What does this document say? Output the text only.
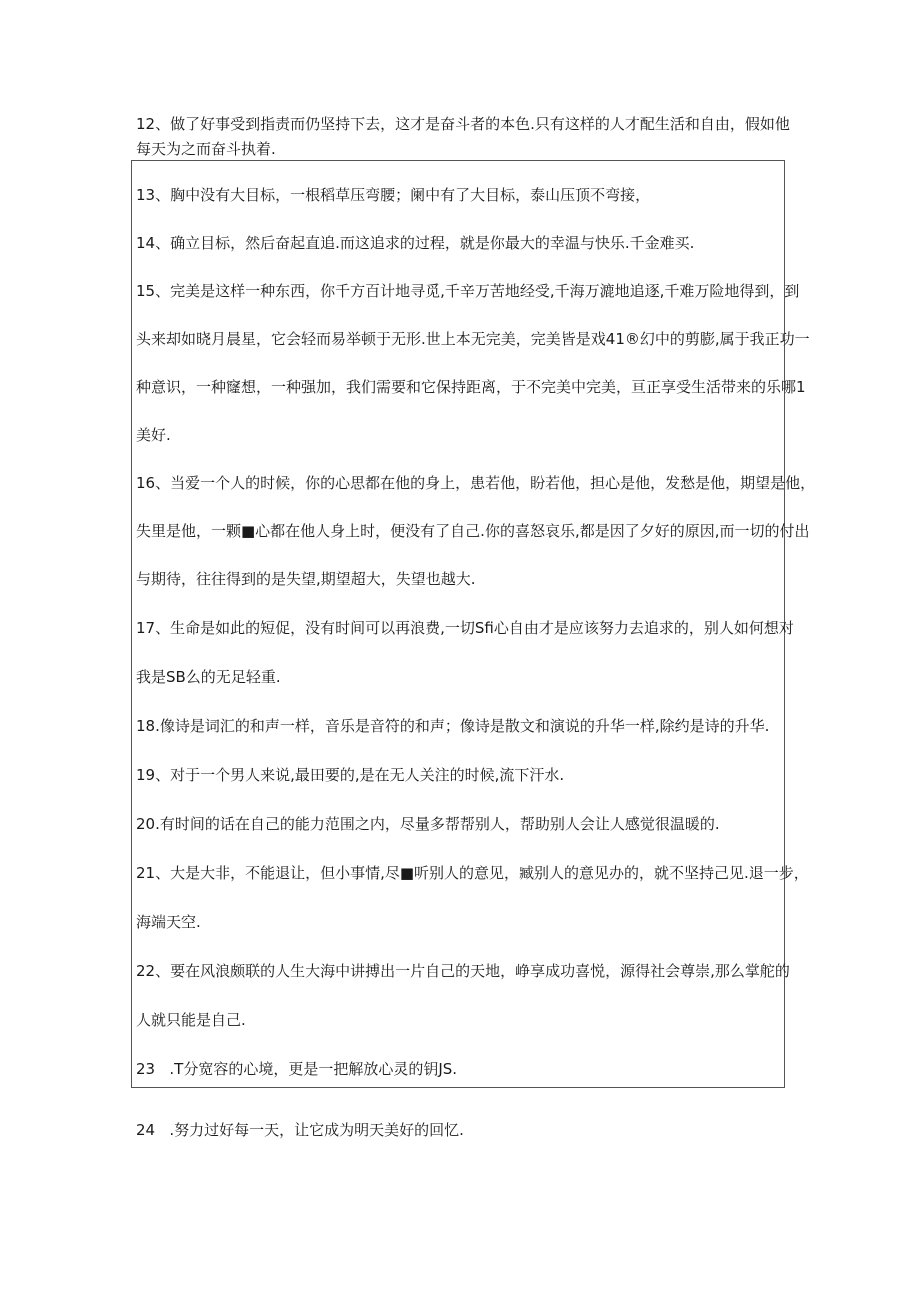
12、做了好事受到指责而仍坚持下去，这才是奋斗者的本色.只有这样的人才配生活和自由，假如他

每天为之而奋斗执着.

13、胸中没有大目标，一根稻草压弯腰；阑中有了大目标，泰山压顶不弯接，

14、确立目标，然后奋起直追.而这追求的过程，就是你最大的幸温与快乐.千金难买.

15、完美是这样一种东西，你千方百计地寻觅,千辛万苦地经受,千海万漉地追逐,千难万险地得到，到

头来却如晓月晨星，它会轻而易举顿于无形.世上本无完美，完美皆是戏41®幻中的剪膨,属于我正功一

种意识，一种窿想，一种强加，我们需要和它保持距离，于不完美中完美，亘正享受生活带来的乐哪1

美好.

16、当爱一个人的时候，你的心思都在他的身上，患若他，盼若他，担心是他，发愁是他，期望是他，

失里是他，一颗■心都在他人身上时，便没有了自己.你的喜怒哀乐,都是因了夕好的原因,而一切的付出

与期待，往往得到的是失望,期望超大，失望也越大.

17、生命是如此的短促，没有时间可以再浪费,一切Sfi心自由才是应该努力去追求的，别人如何想对

我是SB么的无足轻重.

18.像诗是词汇的和声一样，音乐是音符的和声；像诗是散文和演说的升华一样,除约是诗的升华.

19、对于一个男人来说,最田要的,是在无人关注的时候,流下汗水.

20.有时间的话在自己的能力范围之内，尽量多帮帮别人，帮助别人会让人感觉很温暖的.

21、大是大非，不能退让，但小事情,尽■听别人的意见，臧别人的意见办的，就不坚持己见.退一步，

海端天空.

22、要在风浪颇联的人生大海中讲搏出一片自己的天地，峥享成功喜悦，源得社会尊崇,那么掌舵的

人就只能是自己.

23   .T分宽容的心境，更是一把解放心灵的钥JS.

24   .努力过好每一天，让它成为明天美好的回忆.
